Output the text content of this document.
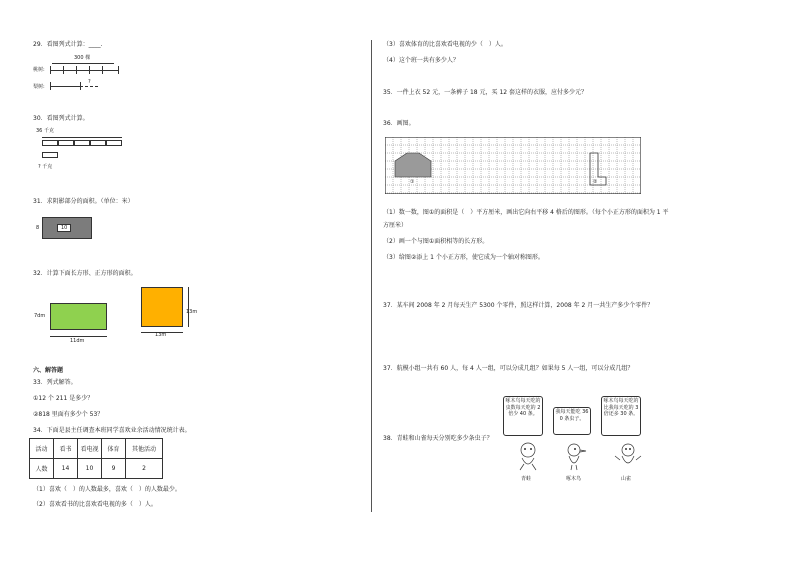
29．看图列式计算：____.
300 棵
桃树:
梨树:
?
30．看图列式计算。
36 千克
? 千克
31．求阴影部分的面积。（单位：米）
10
8
32．计算下面长方形、正方形的面积。
7dm
11dm
13m
13m
六、解答题
33．列式解答。
①12 个 211 是多少？
②818 里面有多少个 53？
34．下面是县主任调查本班同学喜欢业余活动情况统计表。
活动	看书	看电视	体育	其他活动
人数	14	10	9	2
（1）喜欢（　）的人数最多，喜欢（　）的人数最少。
（2）喜欢看书的比喜欢看电视的多（　）人。
（3）喜欢体育的比喜欢看电视的少（　）人。
（4）这个班一共有多少人？
35．一件上衣 52 元，一条裤子 18 元，买 12 套这样的衣服，应付多少元？
36．画图。
①	②
（1）数一数，图①的面积是（　）平方厘米，画出它向右平移 4 格后的图形。（每个小正方形的面积为 1 平
方厘米）
（2）画一个与图①面积相等的长方形。
（3）给图②添上 1 个小正方形，使它成为一个轴对称图形。
37．某车间 2008 年 2 月每天生产 5300 个零件，照这样计算，2008 年 2 月一共生产多少个零件？
37．航模小组一共有 60 人，每 4 人一组，可以分成几组？如果每 5 人一组，可以分成几组？
38．青蛙和山雀每天分别吃多少条虫子？
啄木鸟每天吃的虫数每天吃的 2 倍少 40 条。	我每天能吃 360 条虫子。
啄木鸟每天吃的比我每天吃的 3 倍还多 30 条。
青蛙	啄木鸟	山雀
